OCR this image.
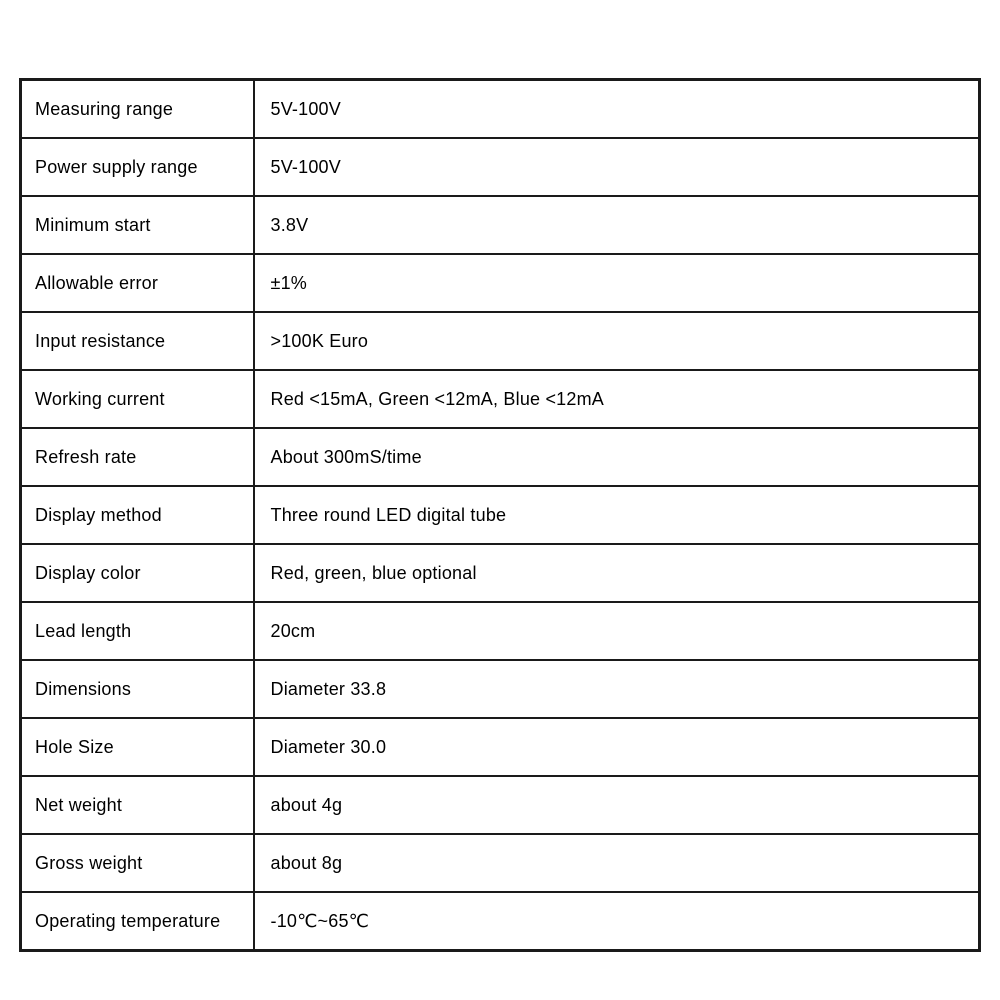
Measuring range	5V-100V
Power supply range	5V-100V
Minimum start	3.8V
Allowable error	±1%
Input resistance	>100K Euro
Working current	Red <15mA, Green <12mA, Blue <12mA
Refresh rate	About 300mS/time
Display method	Three round LED digital tube
Display color	Red, green, blue optional
Lead length	20cm
Dimensions	Diameter 33.8
Hole Size	Diameter 30.0
Net weight	about 4g
Gross weight	about 8g
Operating temperature	-10℃~65℃
